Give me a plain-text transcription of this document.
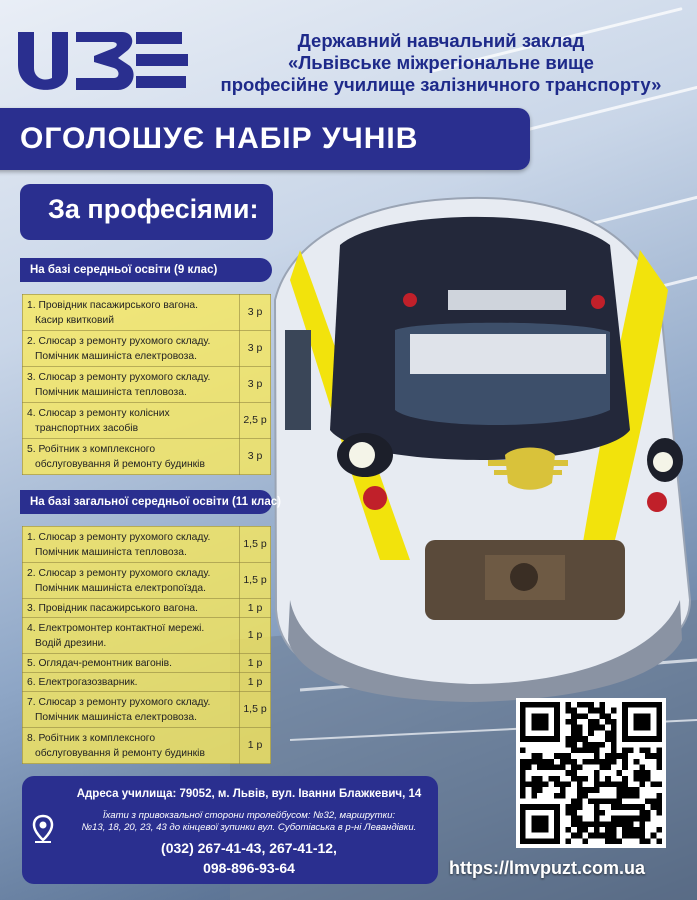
Державний навчальний заклад
«Львівське міжрегіональне вище
професійне училище залізничного транспорту»
ОГОЛОШУЄ НАБІР УЧНІВ
За професіями:
На базі середньої освіти (9 клас)
1. Провідник пасажирського вагона.
Касир квитковий	3 р

2. Слюсар з ремонту рухомого складу.
Помічник машиніста електровоза.	3 р

3. Слюсар з ремонту рухомого складу.
Помічник машиніста тепловоза.	3 р

4. Слюсар з ремонту колісних
транспортних засобів	2,5 р

5. Робітник з комплексного
обслуговування й ремонту будинків	3 р
На базі загальної середньої освіти (11 клас)
1. Слюсар з ремонту рухомого складу.
Помічник машиніста тепловоза.	1,5 р

2. Слюсар з ремонту рухомого складу.
Помічник машиніста електропоїзда.	1,5 р

3. Провідник пасажирського вагона.	1 р

4. Електромонтер контактної мережі.
Водій дрезини.	1 р

5. Оглядач-ремонтник вагонів.	1 р

6. Електрогазозварник.	1 р

7. Слюсар з ремонту рухомого складу.
Помічник машиніста електровоза.	1,5 р

8. Робітник з комплексного
обслуговування й ремонту будинків	1 р
Адреса училища: 79052, м. Львів, вул. Іванни Блажкевич, 14
Їхати з привокзальної сторони тролейбусом: №32, маршрутки:
№13, 18, 20, 23, 43 до кінцевої зупинки вул. Суботівська в р-ні Левандівки.
(032) 267-41-43, 267-41-12,
098-896-93-64	https://lmvpuzt.com.ua
